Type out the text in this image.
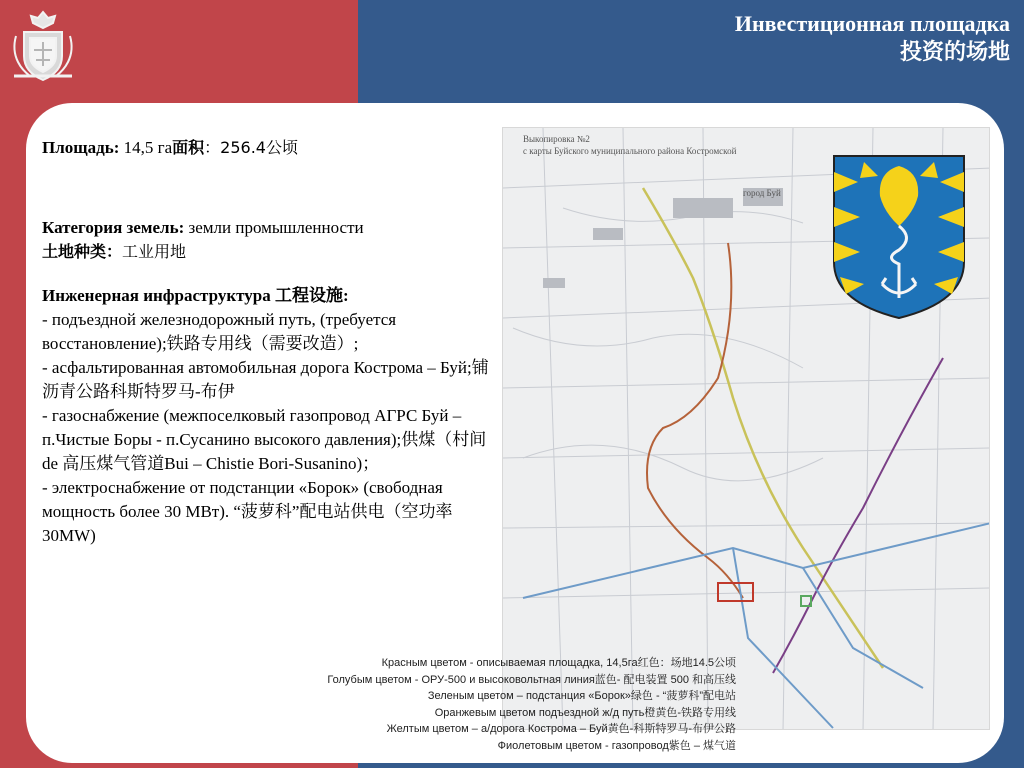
Инвестиционная площадка
投资的场地

Площадь: 14,5 га面积：256.4公顷

Категория земель: земли промышленности

土地种类：工业用地

Инженерная инфраструктура 工程设施:

- подъездной железнодорожный путь, (требуется восстановление);铁路专用线（需要改造）;

- асфальтированная автомобильная дорога Кострома – Буй;铺沥青公路科斯特罗马-布伊

- газоснабжение (межпоселковый газопровод АГРС Буй – п.Чистые Боры - п.Сусанино высокого давления);供煤（村间de 高压煤气管道Bui – Chistie Bori-Susanino)；

- электроснабжение от подстанции «Борок» (свободная мощность более 30 МВт). “菠萝科”配电站供电（空功率 30MW)

Выкопировка №2
с карты Буйского муниципального района Костромской
город Буй
Красным цветом - описываемая площадка, 14,5га红色：场地14.5公顷
Голубым цветом - ОРУ-500 и высоковольтная линия蓝色- 配电装置 500 和高压线
Зеленым цветом – подстанция «Борок»绿色 - “菠萝科”配电站
Оранжевым цветом подъездной ж/д путь橙黄色-铁路专用线
Желтым цветом – а/дорога Кострома – Буй黄色-科斯特罗马-布伊公路
Фиолетовым цветом - газопровод紫色 – 煤气道
